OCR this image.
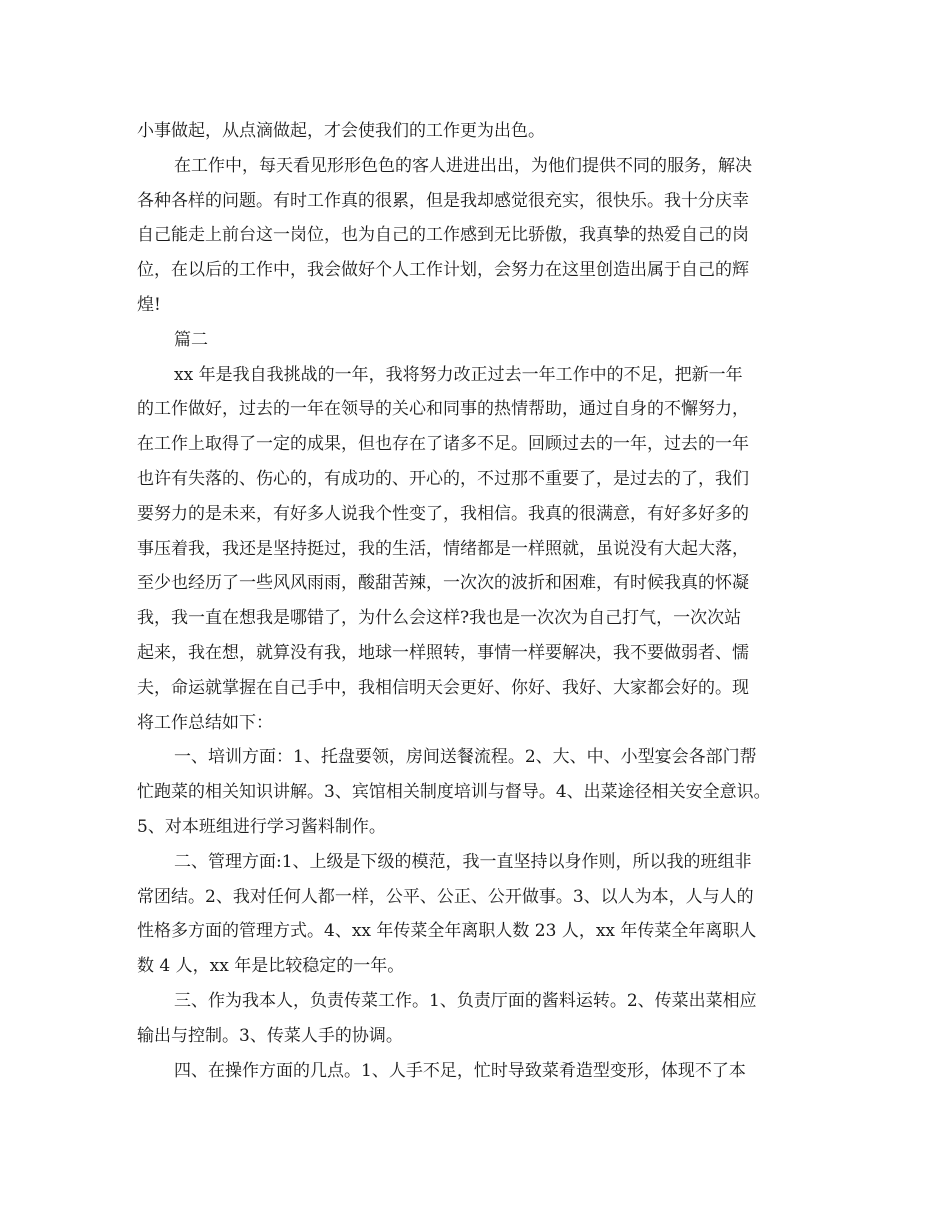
小事做起，从点滴做起，才会使我们的工作更为出色。
在工作中，每天看见形形色色的客人进进出出，为他们提供不同的服务，解决
各种各样的问题。有时工作真的很累，但是我却感觉很充实，很快乐。我十分庆幸
自己能走上前台这一岗位，也为自己的工作感到无比骄傲，我真挚的热爱自己的岗
位，在以后的工作中，我会做好个人工作计划，会努力在这里创造出属于自己的辉
煌!
篇二
xx 年是我自我挑战的一年，我将努力改正过去一年工作中的不足，把新一年
的工作做好，过去的一年在领导的关心和同事的热情帮助，通过自身的不懈努力，
在工作上取得了一定的成果，但也存在了诸多不足。回顾过去的一年，过去的一年
也许有失落的、伤心的，有成功的、开心的，不过那不重要了，是过去的了，我们
要努力的是未来，有好多人说我个性变了，我相信。我真的很满意，有好多好多的
事压着我，我还是坚持挺过，我的生活，情绪都是一样照就，虽说没有大起大落，
至少也经历了一些风风雨雨，酸甜苦辣，一次次的波折和困难，有时候我真的怀凝
我，我一直在想我是哪错了，为什么会这样?我也是一次次为自己打气，一次次站
起来，我在想，就算没有我，地球一样照转，事情一样要解决，我不要做弱者、懦
夫，命运就掌握在自己手中，我相信明天会更好、你好、我好、大家都会好的。现
将工作总结如下：
一、培训方面：1、托盘要领，房间送餐流程。2、大、中、小型宴会各部门帮
忙跑菜的相关知识讲解。3、宾馆相关制度培训与督导。4、出菜途径相关安全意识。
5、对本班组进行学习酱料制作。
二、管理方面:1、上级是下级的模范，我一直坚持以身作则，所以我的班组非
常团结。2、我对任何人都一样，公平、公正、公开做事。3、以人为本，人与人的
性格多方面的管理方式。4、xx 年传菜全年离职人数 23 人，xx 年传菜全年离职人
数 4 人，xx 年是比较稳定的一年。
三、作为我本人，负责传菜工作。1、负责厅面的酱料运转。2、传菜出菜相应
输出与控制。3、传菜人手的协调。
四、在操作方面的几点。1、人手不足，忙时导致菜肴造型变形，体现不了本
